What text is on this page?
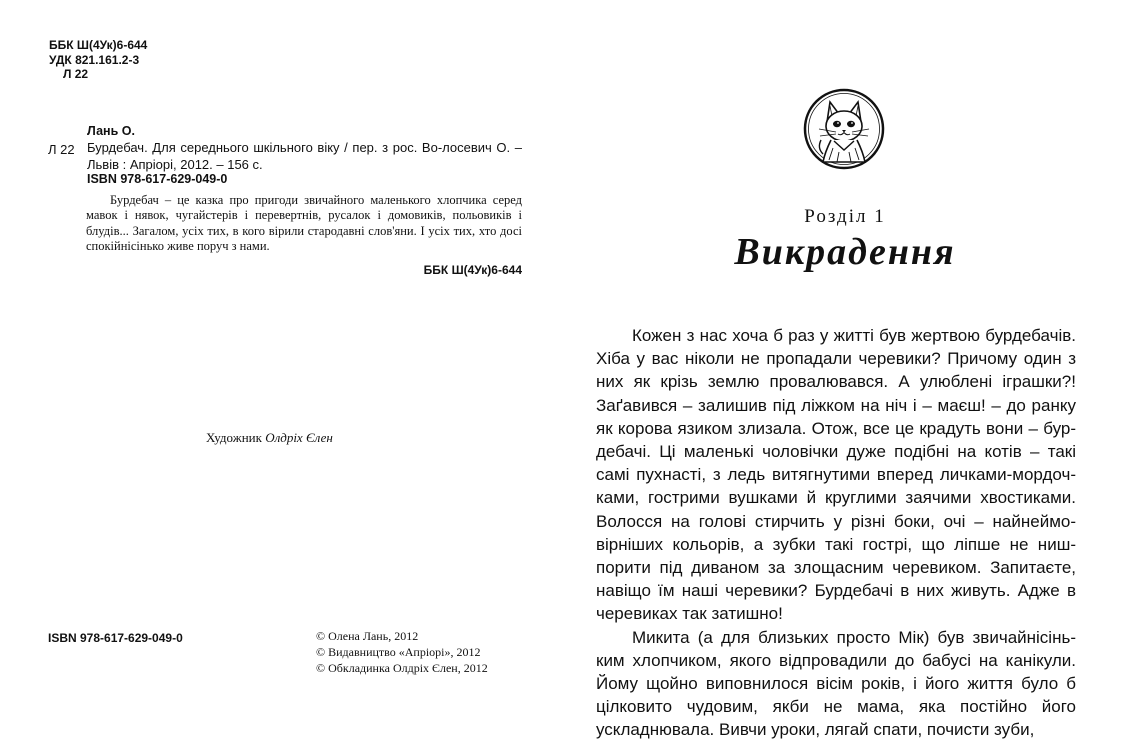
ББК Ш(4Ук)6-644
УДК 821.161.2-3
Л 22
Лань О.
Л 22 Бурдебач. Для середнього шкільного віку / пер. з рос. Во-лосевич О. – Львів : Апріорі, 2012. – 156 с.
ISBN 978-617-629-049-0
Бурдебач – це казка про пригоди звичайного маленького хлопчика серед мавок і нявок, чугайстерів і перевертнів, русалок і домовиків, польовиків і блудів... Загалом, усіх тих, в кого вірили стародавні слов'яни. І усіх тих, хто досі спокійнісінько живе поруч з нами.
ББК Ш(4Ук)6-644
Художник Олдріх Єлен
ISBN 978-617-629-049-0	© Олена Лань, 2012
© Видавництво «Апріорі», 2012
© Обкладинка Олдріх Єлен, 2012
Розділ 1
Викрадення

Кожен з нас хоча б раз у житті був жертвою бурдебачів. Хіба у вас ніколи не пропадали черевики? Причому один з них як крізь землю провалювався. А улюблені іграшки?! Заґавився – залишив під ліжком на ніч і – маєш! – до ранку як корова язиком злизала. Отож, все це крадуть вони – бур-дебачі. Ці маленькі чоловічки дуже подібні на котів – такі самі пухнасті, з ледь витягнутими вперед личками-мордоч-ками, гострими вушками й круглими заячими хвостиками. Волосся на голові стирчить у різні боки, очі – найнеймо-вірніших кольорів, а зубки такі гострі, що ліпше не ниш-порити під диваном за злощасним черевиком. Запитаєте, навіщо їм наші черевики? Бурдебачі в них живуть. Адже в черевиках так затишно!

Микита (а для близьких просто Мік) був звичайнісінь-ким хлопчиком, якого відпровадили до бабусі на канікули. Йому щойно виповнилося вісім років, і його життя було б цілковито чудовим, якби не мама, яка постійно його ускладнювала. Вивчи уроки, лягай спати, почисти зуби,
